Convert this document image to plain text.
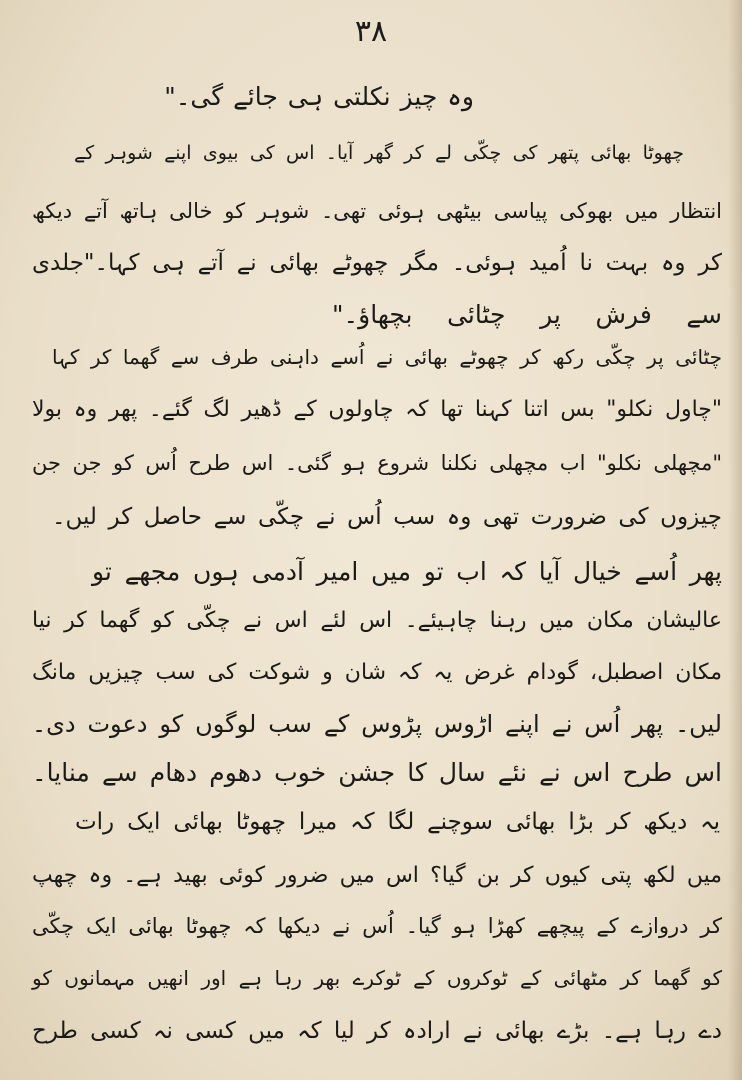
۳۸
وہ چیز نکلتی ہی جائے گی۔"
چھوٹا بھائی پتھر کی چکّی لے کر گھر آیا۔ اس کی بیوی اپنے شوہر کے
انتظار میں بھوکی پیاسی بیٹھی ہوئی تھی۔ شوہر کو خالی ہاتھ آتے دیکھ
کر وہ بہت نا اُمید ہوئی۔ مگر چھوٹے بھائی نے آتے ہی کہا۔"جلدی
سے فرش پر چٹائی بچھاؤ۔"
چٹائی پر چکّی رکھ کر چھوٹے بھائی نے اُسے داہنی طرف سے گھما کر کہا
"چاول نکلو" بس اتنا کہنا تھا کہ چاولوں کے ڈھیر لگ گئے۔ پھر وہ بولا
"مچھلی نکلو" اب مچھلی نکلنا شروع ہو گئی۔ اس طرح اُس کو جن جن
چیزوں کی ضرورت تھی وہ سب اُس نے چکّی سے حاصل کر لیں۔
پھر اُسے خیال آیا کہ اب تو میں امیر آدمی ہوں مجھے تو
عالیشان مکان میں رہنا چاہیئے۔ اس لئے اس نے چکّی کو گھما کر نیا
مکان اصطبل، گودام غرض یہ کہ شان و شوکت کی سب چیزیں مانگ
لیں۔ پھر اُس نے اپنے اڑوس پڑوس کے سب لوگوں کو دعوت دی۔
اس طرح اس نے نئے سال کا جشن خوب دھوم دھام سے منایا۔
یہ دیکھ کر بڑا بھائی سوچنے لگا کہ میرا چھوٹا بھائی ایک رات
میں لکھ پتی کیوں کر بن گیا؟ اس میں ضرور کوئی بھید ہے۔ وہ چھپ
کر دروازے کے پیچھے کھڑا ہو گیا۔ اُس نے دیکھا کہ چھوٹا بھائی ایک چکّی
کو گھما کر مٹھائی کے ٹوکروں کے ٹوکرے بھر رہا ہے اور انھیں مہمانوں کو
دے رہا ہے۔ بڑے بھائی نے ارادہ کر لیا کہ میں کسی نہ کسی طرح
